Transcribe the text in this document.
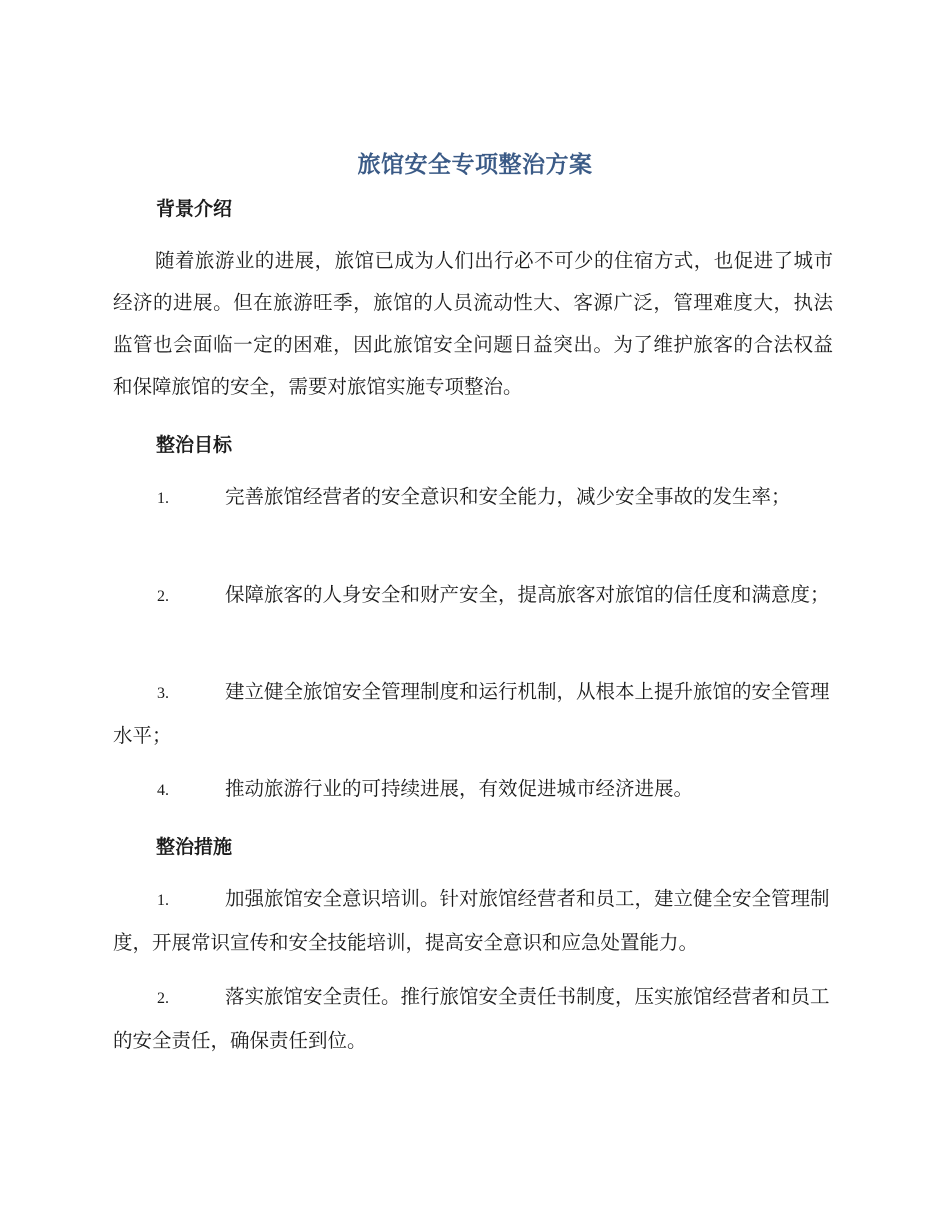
旅馆安全专项整治方案
背景介绍
随着旅游业的进展，旅馆已成为人们出行必不可少的住宿方式，也促进了城市经济的进展。但在旅游旺季，旅馆的人员流动性大、客源广泛，管理难度大，执法监管也会面临一定的困难，因此旅馆安全问题日益突出。为了维护旅客的合法权益和保障旅馆的安全，需要对旅馆实施专项整治。
整治目标
1.	完善旅馆经营者的安全意识和安全能力，减少安全事故的发生率；
2.	保障旅客的人身安全和财产安全，提高旅客对旅馆的信任度和满意度；
3.	建立健全旅馆安全管理制度和运行机制，从根本上提升旅馆的安全管理水平；
4.	推动旅游行业的可持续进展，有效促进城市经济进展。
整治措施
1.	加强旅馆安全意识培训。针对旅馆经营者和员工，建立健全安全管理制度，开展常识宣传和安全技能培训，提高安全意识和应急处置能力。
2.	落实旅馆安全责任。推行旅馆安全责任书制度，压实旅馆经营者和员工的安全责任，确保责任到位。
